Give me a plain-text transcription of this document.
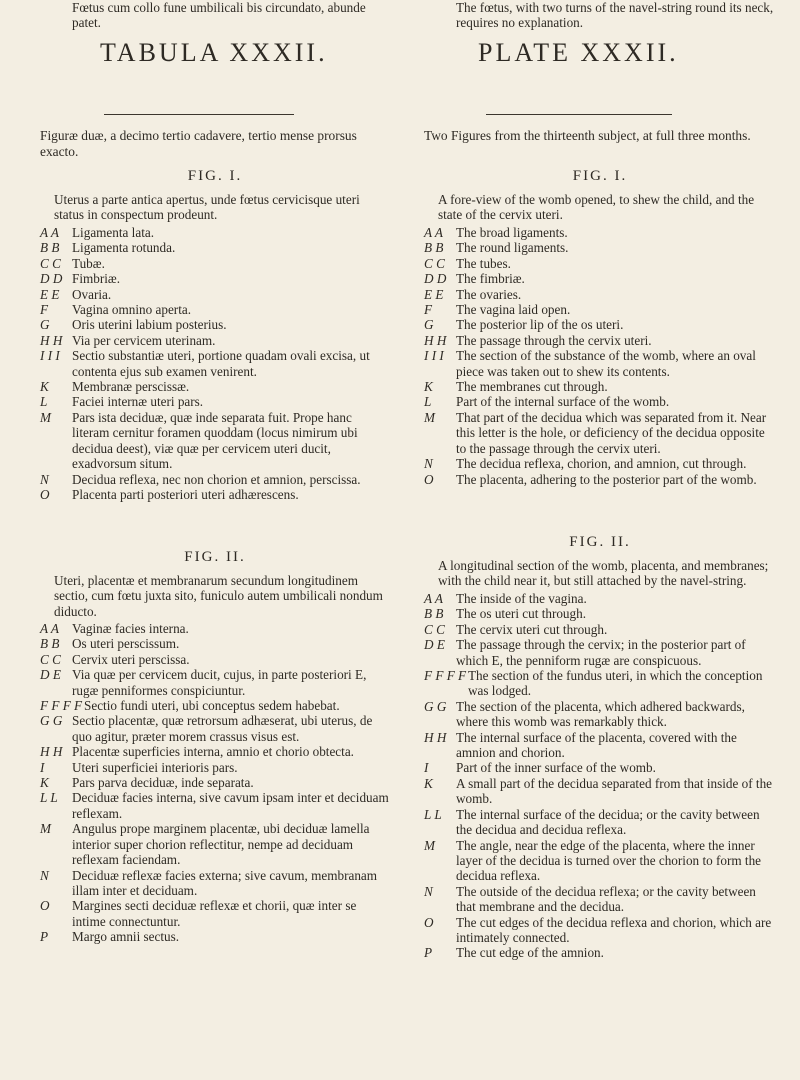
TABULA XXXII.
Figuræ duæ, a decimo tertio cadavere, tertio mense prorsus exacto.
FIG. I.
Uterus a parte antica apertus, unde fœtus cervicisque uteri status in conspectum prodeunt.
A A Ligamenta lata.
B B Ligamenta rotunda.
C C Tubæ.
D D Fimbriæ.
E E Ovaria.
F	Vagina omnino aperta.
G	Oris uterini labium posterius.
H H Via per cervicem uterinam.
I I I Sectio substantiæ uteri, portione quadam ovali excisa, ut contenta ejus sub examen venirent.
K	Membranæ perscissæ.
L	Faciei internæ uteri pars.
M	Pars ista deciduæ, quæ inde separata fuit. Prope hanc literam cernitur foramen quoddam (locus nimirum ubi decidua deest), viæ quæ per cervicem uteri ducit, exadvorsum situm.
N	Decidua reflexa, nec non chorion et amnion, perscissa.
O	Placenta parti posteriori uteri adhærescens.
Fœtus cum collo fune umbilicali bis circundato, abunde patet.
FIG. II.
Uteri, placentæ et membranarum secundum longitudinem sectio, cum fœtu juxta sito, funiculo autem umbilicali nondum diducto.
A A Vaginæ facies interna.
B B Os uteri perscissum.
C C Cervix uteri perscissa.
D E Via quæ per cervicem ducit, cujus, in parte posteriori E, rugæ penniformes conspiciuntur.
F F F F Sectio fundi uteri, ubi conceptus sedem habebat.
G G Sectio placentæ, quæ retrorsum adhæserat, ubi uterus, de quo agitur, præter morem crassus visus est.
H H Placentæ superficies interna, amnio et chorio obtecta.
I	Uteri superficiei interioris pars.
K	Pars parva deciduæ, inde separata.
L L	Deciduæ facies interna, sive cavum ipsam inter et deciduam reflexam.
M	Angulus prope marginem placentæ, ubi deciduæ lamella interior super chorion reflectitur, nempe ad deciduam reflexam faciendam.
N	Deciduæ reflexæ facies externa; sive cavum, membranam illam inter et deciduam.
O	Margines secti deciduæ reflexæ et chorii, quæ inter se intime connectuntur.
P	Margo amnii sectus.
PLATE XXXII.
Two Figures from the thirteenth subject, at full three months.
FIG. I.
A fore-view of the womb opened, to shew the child, and the state of the cervix uteri.
A A The broad ligaments.
B B The round ligaments.
C C The tubes.
D D The fimbriæ.
E E The ovaries.
F	The vagina laid open.
G	The posterior lip of the os uteri.
H H The passage through the cervix uteri.
I I I The section of the substance of the womb, where an oval piece was taken out to shew its contents.
K	The membranes cut through.
L	Part of the internal surface of the womb.
M	That part of the decidua which was separated from it. Near this letter is the hole, or deficiency of the decidua opposite to the passage through the cervix uteri.
N	The decidua reflexa, chorion, and amnion, cut through.
O	The placenta, adhering to the posterior part of the womb.
The fœtus, with two turns of the navel-string round its neck, requires no explanation.
FIG. II.
A longitudinal section of the womb, placenta, and membranes; with the child near it, but still attached by the navel-string.
A A The inside of the vagina.
B B The os uteri cut through.
C C The cervix uteri cut through.
D E The passage through the cervix; in the posterior part of which E, the penniform rugæ are conspicuous.
F F F F The section of the fundus uteri, in which the conception was lodged.
G G The section of the placenta, which adhered backwards, where this womb was remarkably thick.
H H The internal surface of the placenta, covered with the amnion and chorion.
I	Part of the inner surface of the womb.
K	A small part of the decidua separated from that inside of the womb.
L L	The internal surface of the decidua; or the cavity between the decidua and decidua reflexa.
M	The angle, near the edge of the placenta, where the inner layer of the decidua is turned over the chorion to form the decidua reflexa.
N	The outside of the decidua reflexa; or the cavity between that membrane and the decidua.
O	The cut edges of the decidua reflexa and chorion, which are intimately connected.
P	The cut edge of the amnion.
